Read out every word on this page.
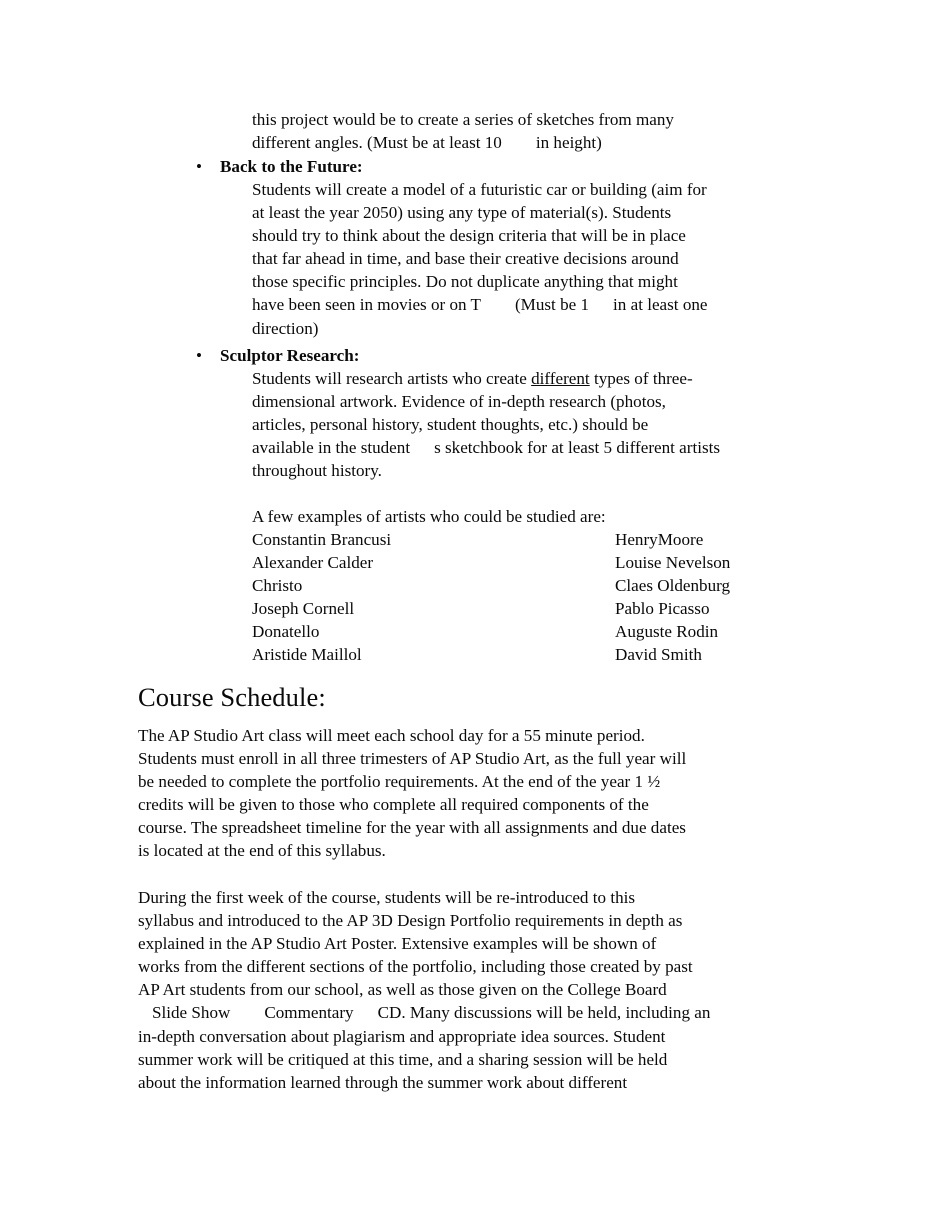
this project would be to create a series of sketches from many
different angles. (Must be at least 10 in height)
•	Back to the Future:
Students will create a model of a futuristic car or building (aim for
at least the year 2050) using any type of material(s). Students
should try to think about the design criteria that will be in place
that far ahead in time, and base their creative decisions around
those specific principles. Do not duplicate anything that might
have been seen in movies or on T (Must be 1 in at least one
direction)
•	Sculptor Research:
Students will research artists who create different types of three-
dimensional artwork. Evidence of in-depth research (photos,
articles, personal history, student thoughts, etc.) should be
available in the student s sketchbook for at least 5 different artists
throughout history.
A few examples of artists who could be studied are:
Constantin Brancusi
Alexander Calder
Christo
Joseph Cornell
Donatello
Aristide Maillol
HenryMoore
Louise Nevelson
Claes Oldenburg
Pablo Picasso
Auguste Rodin
David Smith
Course Schedule:
The AP Studio Art class will meet each school day for a 55 minute period.
Students must enroll in all three trimesters of AP Studio Art, as the full year will
be needed to complete the portfolio requirements. At the end of the year 1 ½
credits will be given to those who complete all required components of the
course. The spreadsheet timeline for the year with all assignments and due dates
is located at the end of this syllabus.
During the first week of the course, students will be re-introduced to this
syllabus and introduced to the AP 3D Design Portfolio requirements in depth as
explained in the AP Studio Art Poster. Extensive examples will be shown of
works from the different sections of the portfolio, including those created by past
AP Art students from our school, as well as those given on the College Board
Slide Show Commentary CD. Many discussions will be held, including an
in-depth conversation about plagiarism and appropriate idea sources. Student
summer work will be critiqued at this time, and a sharing session will be held
about the information learned through the summer work about different
